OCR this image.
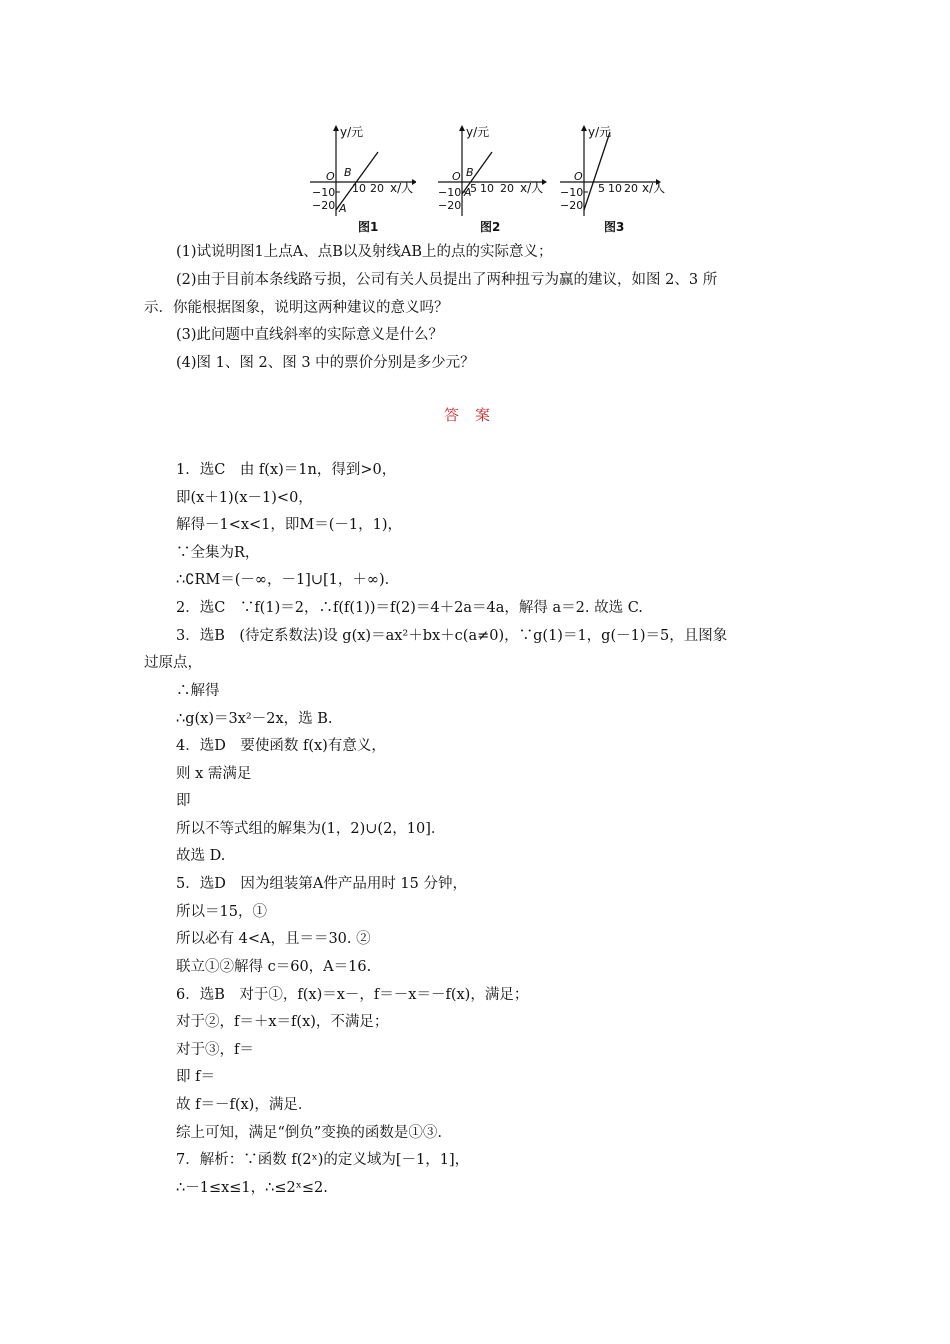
y/元
O B
10 20 x/人
−10
−20 A
图1
y/元
O B
5 10 20 x/人
−10
−20
A
图2
y/元
O
5 10 20 x/人
−10
−20
图3
(1)试说明图1上点A、点B以及射线AB上的点的实际意义；
(2)由于目前本条线路亏损，公司有关人员提出了两种扭亏为赢的建议，如图 2、3 所
示．你能根据图象，说明这两种建议的意义吗？
(3)此问题中直线斜率的实际意义是什么？
(4)图 1、图 2、图 3 中的票价分别是多少元？
答案
1．选C　由 f(x)＝1n，得到>0，
即(x＋1)(x－1)<0，
解得－1<x<1，即M＝(－1，1)，
∵全集为R，
∴∁RM＝(－∞，－1]∪[1，＋∞)．
2．选C　∵f(1)＝2，∴f(f(1))＝f(2)＝4＋2a＝4a，解得 a＝2. 故选 C.
3．选B　(待定系数法)设 g(x)＝ax²＋bx＋c(a≠0)，∵g(1)＝1，g(－1)＝5，且图象
过原点，
∴解得
∴g(x)＝3x²－2x，选 B.
4．选D　要使函数 f(x)有意义，
则 x 需满足
即
所以不等式组的解集为(1，2)∪(2，10]．
故选 D.
5．选D　因为组装第A件产品用时 15 分钟，
所以＝15，①
所以必有 4<A，且＝＝30. ②
联立①②解得 c＝60，A＝16.
6．选B　对于①，f(x)＝x－，f＝－x＝－f(x)，满足；
对于②，f＝＋x＝f(x)，不满足；
对于③，f＝
即 f＝
故 f＝－f(x)，满足．
综上可知，满足“倒负”变换的函数是①③.
7．解析：∵函数 f(2ˣ)的定义域为[－1，1]，
∴－1≤x≤1，∴≤2ˣ≤2.
